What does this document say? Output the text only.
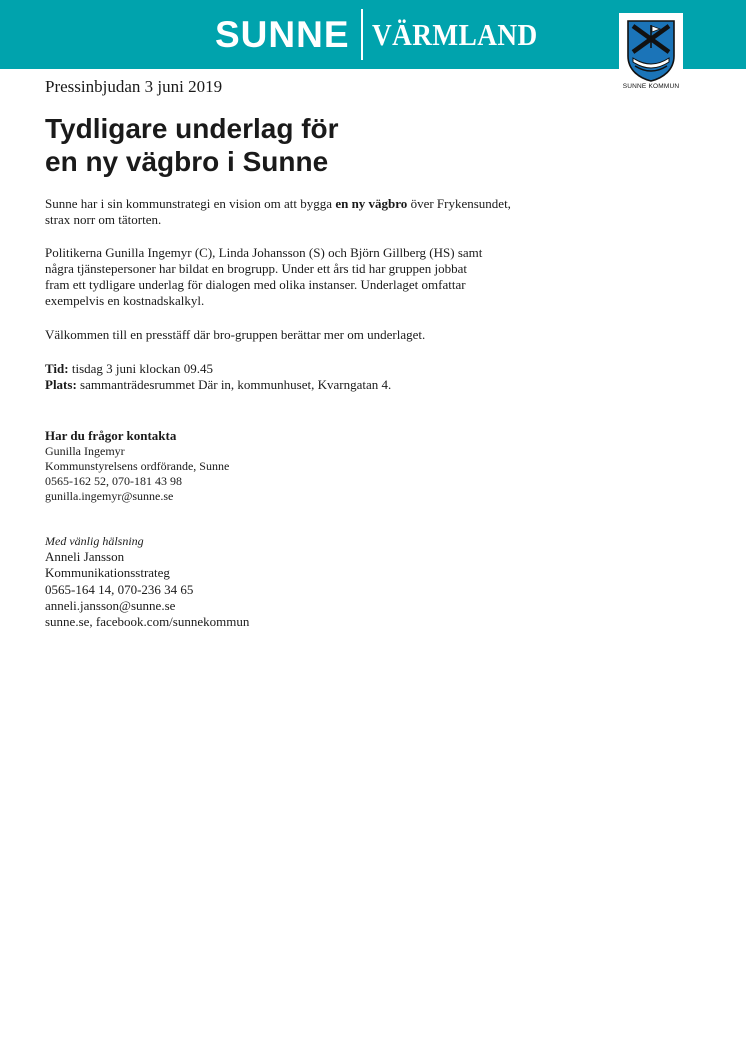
SUNNE VÄRMLAND
SUNNE KOMMUN
Pressinbjudan 3 juni 2019
Tydligare underlag för
en ny vägbro i Sunne

Sunne har i sin kommunstrategi en vision om att bygga en ny vägbro över Frykensundet, strax norr om tätorten.

Politikerna Gunilla Ingemyr (C), Linda Johansson (S) och Björn Gillberg (HS) samt några tjänstepersoner har bildat en brogrupp. Under ett års tid har gruppen jobbat fram ett tydligare underlag för dialogen med olika instanser. Underlaget omfattar exempelvis en kostnadskalkyl.

Välkommen till en presstäff där bro-gruppen berättar mer om underlaget.

Tid: tisdag 3 juni klockan 09.45
Plats: sammanträdesrummet Där in, kommunhuset, Kvarngatan 4.

Har du frågor kontakta
Gunilla Ingemyr
Kommunstyrelsens ordförande, Sunne
0565-162 52, 070-181 43 98
gunilla.ingemyr@sunne.se
Med vänlig hälsning
Anneli Jansson
Kommunikationsstrateg
0565-164 14, 070-236 34 65
anneli.jansson@sunne.se
sunne.se, facebook.com/sunnekommun
